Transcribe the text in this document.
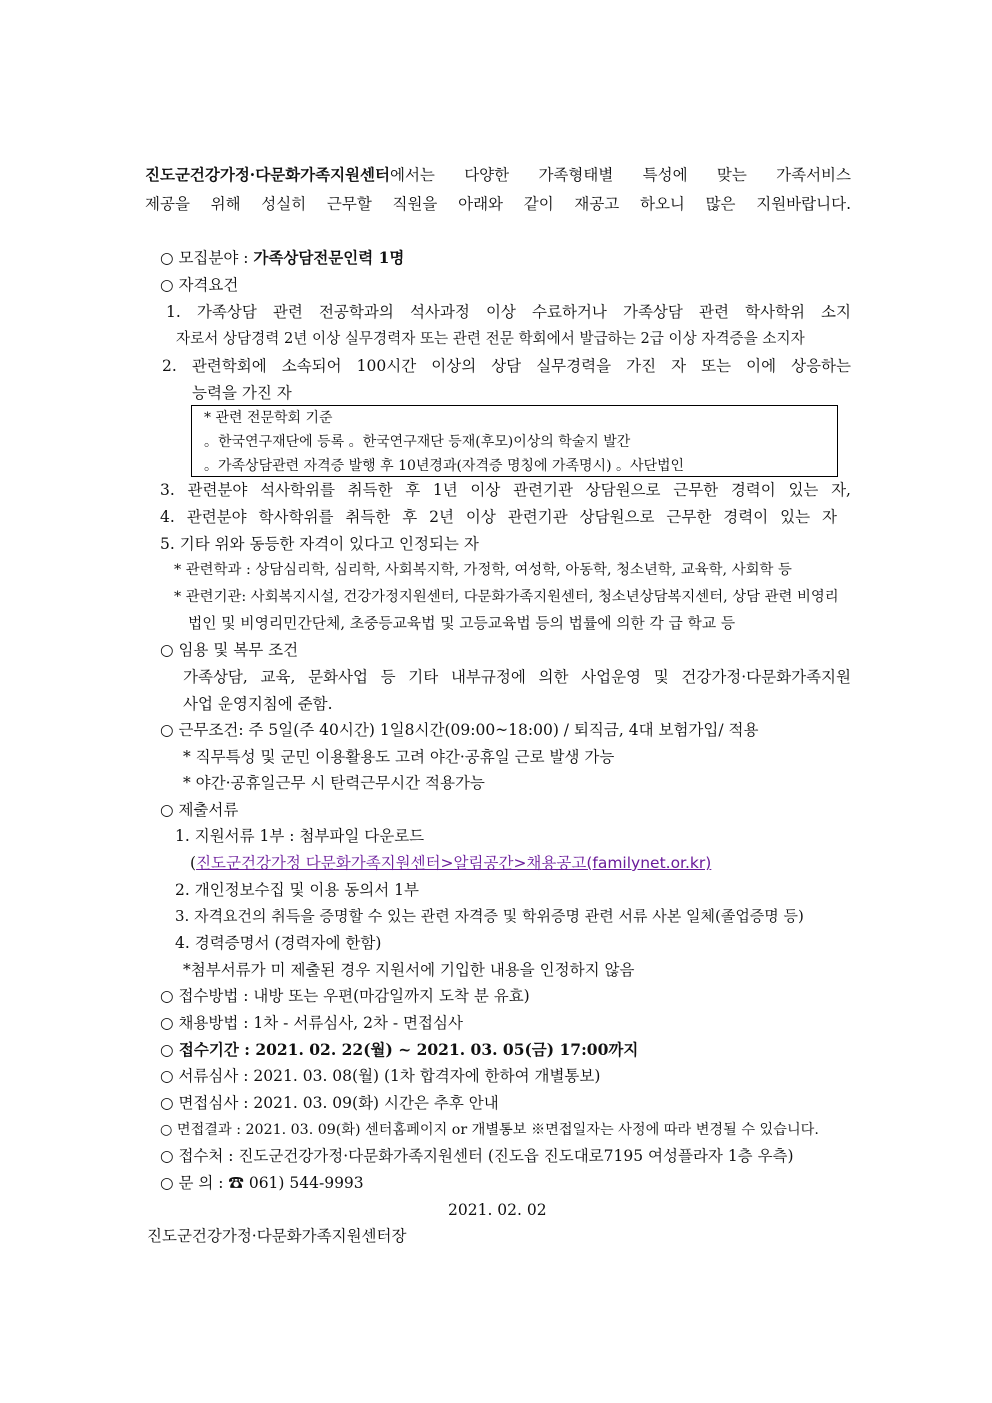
진도군건강가정·다문화가족지원센터에서는 다양한 가족형태별 특성에 맞는 가족서비스
제공을 위해 성실히 근무할 직원을 아래와 같이 재공고 하오니 많은 지원바랍니다.
○ 모집분야 : 가족상담전문인력 1명
○ 자격요건
1. 가족상담 관련 전공학과의 석사과정 이상 수료하거나 가족상담 관련 학사학위 소지
자로서 상담경력 2년 이상 실무경력자 또는 관련 전문 학회에서 발급하는 2급 이상 자격증을 소지자
2. 관련학회에 소속되어 100시간 이상의 상담 실무경력을 가진 자 또는 이에 상응하는
능력을 가진 자
* 관련 전문학회 기준
。한국연구재단에 등록 。한국연구재단 등재(후모)이상의 학술지 발간
。가족상담관련 자격증 발행 후 10년경과(자격증 명칭에 가족명시) 。사단법인
3. 관련분야 석사학위를 취득한 후 1년 이상 관련기관 상담원으로 근무한 경력이 있는 자,
4. 관련분야 학사학위를 취득한 후 2년 이상 관련기관 상담원으로 근무한 경력이 있는 자
5. 기타 위와 동등한 자격이 있다고 인정되는 자
* 관련학과 : 상담심리학, 심리학, 사회복지학, 가정학, 여성학, 아동학, 청소년학, 교육학, 사회학 등
* 관련기관: 사회복지시설, 건강가정지원센터, 다문화가족지원센터, 청소년상담복지센터, 상담 관련 비영리
법인 및 비영리민간단체, 초중등교육법 및 고등교육법 등의 법률에 의한 각 급 학교 등
○ 임용 및 복무 조건
가족상담, 교육, 문화사업 등 기타 내부규정에 의한 사업운영 및 건강가정·다문화가족지원
사업 운영지침에 준함.
○ 근무조건: 주 5일(주 40시간) 1일8시간(09:00~18:00) / 퇴직금, 4대 보험가입/ 적용
* 직무특성 및 군민 이용활용도 고려 야간·공휴일 근로 발생 가능
* 야간·공휴일근무 시 탄력근무시간 적용가능
○ 제출서류
1. 지원서류 1부 : 첨부파일 다운로드
(진도군건강가정 다문화가족지원센터>알림공간>채용공고(familynet.or.kr)
2. 개인정보수집 및 이용 동의서 1부
3. 자격요건의 취득을 증명할 수 있는 관련 자격증 및 학위증명 관련 서류 사본 일체(졸업증명 등)
4. 경력증명서 (경력자에 한함)
*첨부서류가 미 제출된 경우 지원서에 기입한 내용을 인정하지 않음
○ 접수방법 : 내방 또는 우편(마감일까지 도착 분 유효)
○ 채용방법 : 1차 - 서류심사, 2차 - 면접심사
○ 접수기간 : 2021. 02. 22(월) ~ 2021. 03. 05(금) 17:00까지
○ 서류심사 : 2021. 03. 08(월) (1차 합격자에 한하여 개별통보)
○ 면접심사 : 2021. 03. 09(화) 시간은 추후 안내
○ 면접결과 : 2021. 03. 09(화) 센터홈페이지 or 개별통보 ※면접일자는 사정에 따라 변경될 수 있습니다.
○ 접수처 : 진도군건강가정·다문화가족지원센터 (진도읍 진도대로7195 여성플라자 1층 우측)
○ 문 의 : ☎ 061) 544-9993
2021. 02. 02
진도군건강가정·다문화가족지원센터장
